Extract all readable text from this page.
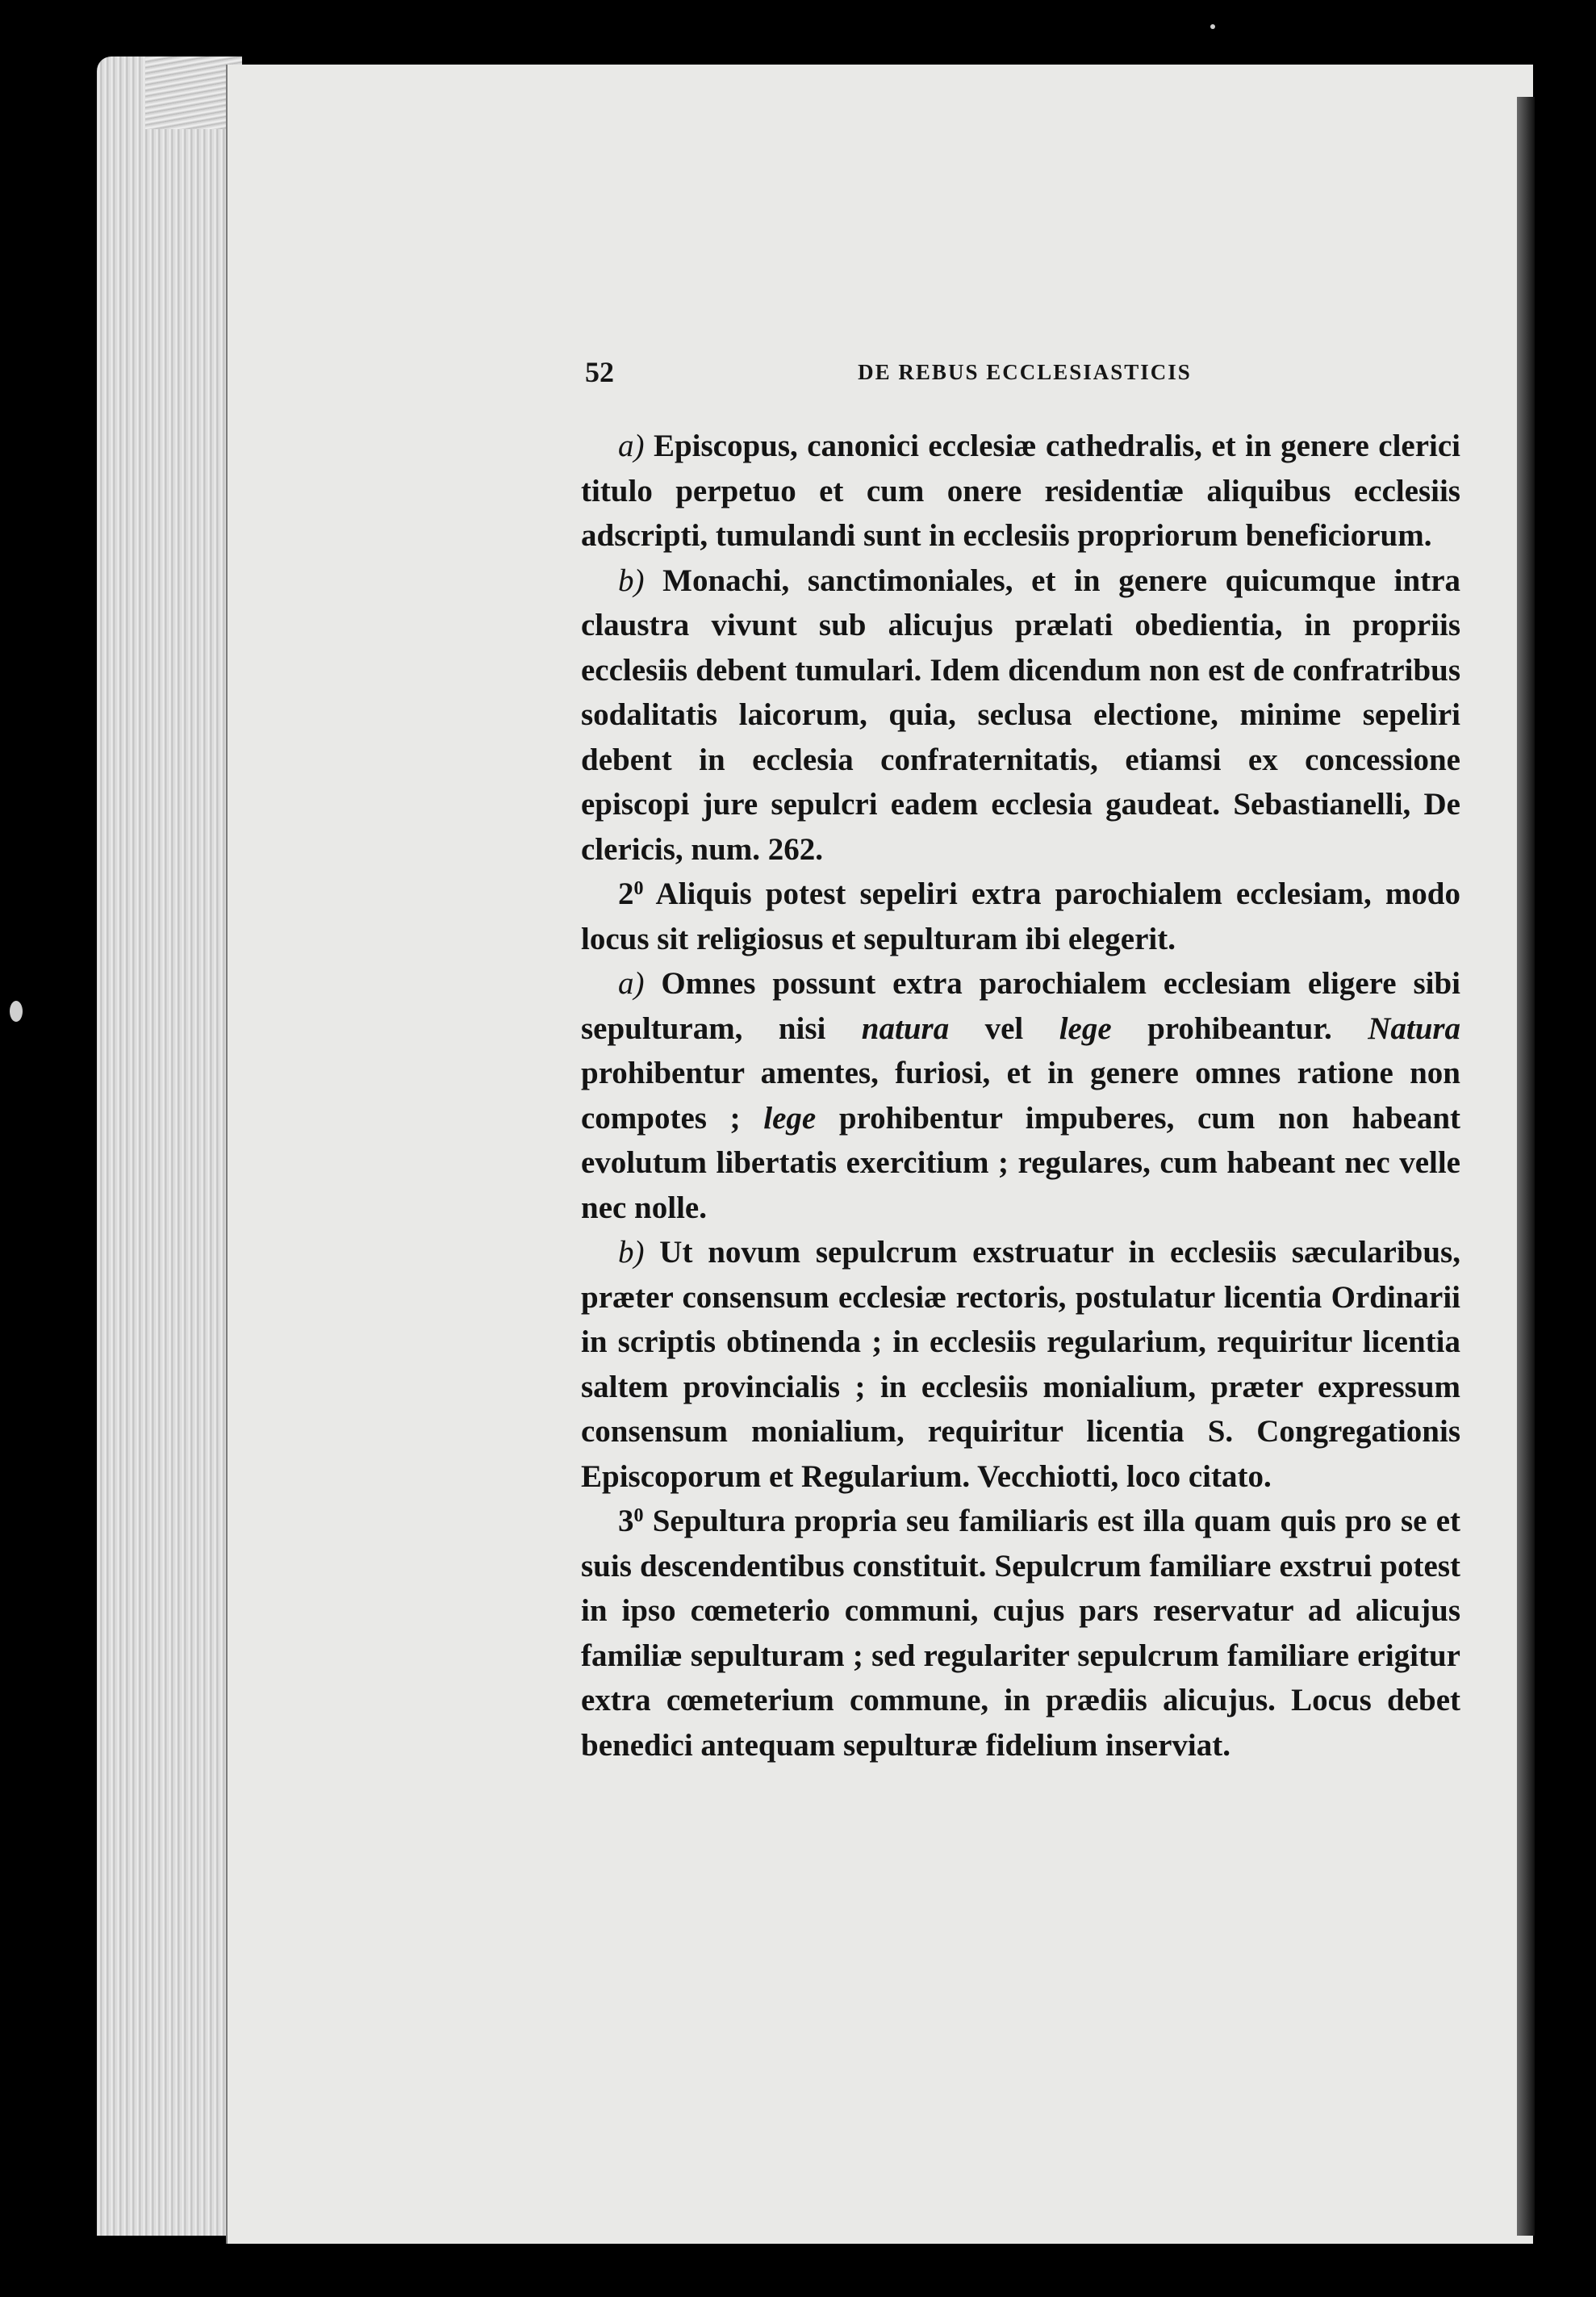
52	DE REBUS ECCLESIASTICIS

a) Episcopus, canonici ecclesiæ cathedralis, et in genere clerici titulo perpetuo et cum onere residentiæ aliquibus ecclesiis adscripti, tumulandi sunt in ecclesiis propriorum beneficiorum.

b) Monachi, sanctimoniales, et in genere quicumque intra claustra vivunt sub alicujus prælati obedientia, in propriis ecclesiis debent tumulari. Idem dicendum non est de confratribus sodalitatis laicorum, quia, seclusa electione, minime sepeliri debent in ecclesia confraternitatis, etiamsi ex concessione episcopi jure sepulcri eadem ecclesia gaudeat. Sebastianelli, De clericis, num. 262.

$2^0$ Aliquis potest sepeliri extra parochialem ecclesiam, modo locus sit religiosus et sepulturam ibi elegerit.

a) Omnes possunt extra parochialem ecclesiam eligere sibi sepulturam, nisi natura vel lege prohibeantur. Natura prohibentur amentes, furiosi, et in genere omnes ratione non compotes ; lege prohibentur impuberes, cum non habeant evolutum libertatis exercitium ; regulares, cum habeant nec velle nec nolle.

b) Ut novum sepulcrum exstruatur in ecclesiis sæcularibus, præter consensum ecclesiæ rectoris, postulatur licentia Ordinarii in scriptis obtinenda ; in ecclesiis regularium, requiritur licentia saltem provincialis ; in ecclesiis monialium, præter expressum consensum monialium, requiritur licentia S. Congregationis Episcoporum et Regularium. Vecchiotti, loco citato.

$3^0$ Sepultura propria seu familiaris est illa quam quis pro se et suis descendentibus constituit. Sepulcrum familiare exstrui potest in ipso cœmeterio communi, cujus pars reservatur ad alicujus familiæ sepulturam ; sed regulariter sepulcrum familiare erigitur extra cœmeterium commune, in prædiis alicujus. Locus debet benedici antequam sepulturæ fidelium inserviat.
